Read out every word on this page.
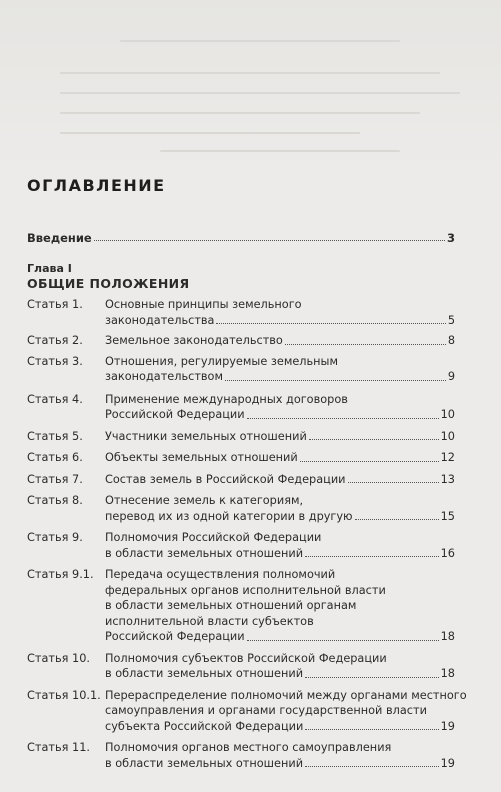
ОГЛАВЛЕНИЕ
Введение	3
Глава I
ОБЩИЕ ПОЛОЖЕНИЯ
Статья 1.	Основные принципы земельного
законодательства	5
Статья 2.	Земельное законодательство	8
Статья 3.	Отношения, регулируемые земельным
законодательством	9
Статья 4.	Применение международных договоров
Российской Федерации	10
Статья 5.	Участники земельных отношений	10
Статья 6.	Объекты земельных отношений	12
Статья 7.	Состав земель в Российской Федерации	13
Статья 8.	Отнесение земель к категориям,
перевод их из одной категории в другую	15
Статья 9.	Полномочия Российской Федерации
в области земельных отношений	16
Статья 9.1.	Передача осуществления полномочий
федеральных органов исполнительной власти
в области земельных отношений органам
исполнительной власти субъектов
Российской Федерации	18
Статья 10.	Полномочия субъектов Российской Федерации
в области земельных отношений	18
Статья 10.1. Перераспределение полномочий между органами местного
самоуправления и органами государственной власти
субъекта Российской Федерации	19
Статья 11.	Полномочия органов местного самоуправления
в области земельных отношений	19
